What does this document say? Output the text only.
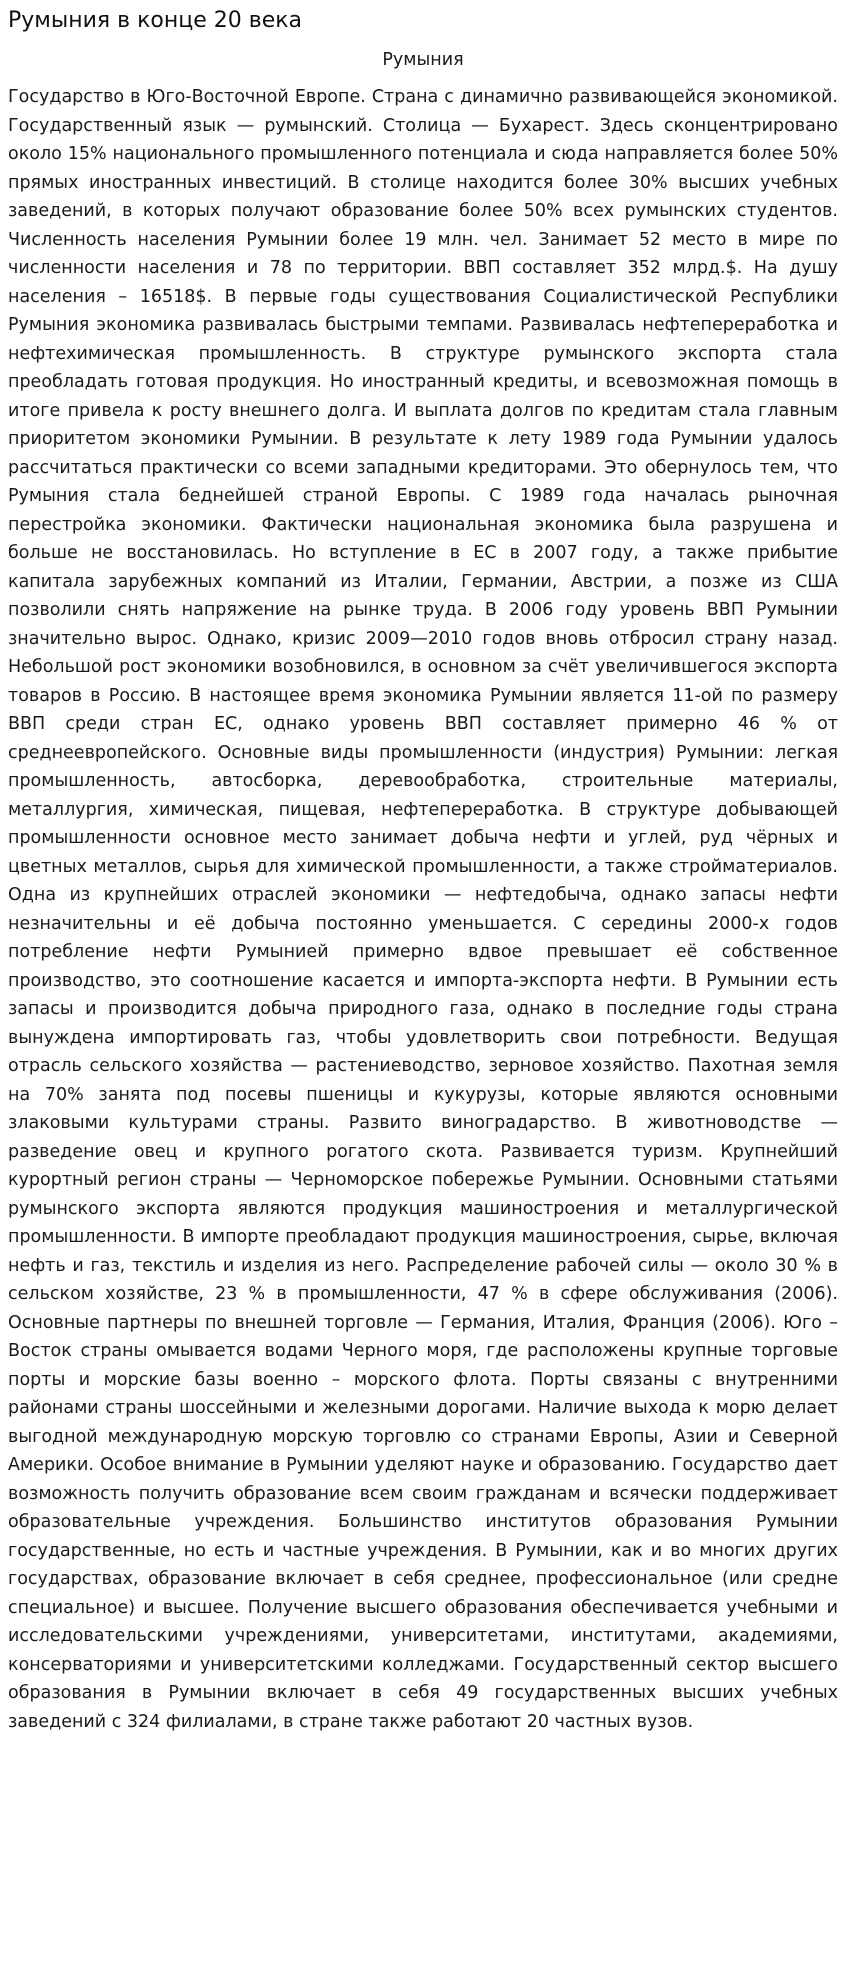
Румыния в конце 20 века
Румыния

Государство в Юго-Восточной Европе. Страна с динамично развивающейся экономикой. Государственный язык — румынский. Столица — Бухарест. Здесь сконцентрировано около 15% национального промышленного потенциала и сюда направляется более 50% прямых иностранных инвестиций. В столице находится более 30% высших учебных заведений, в которых получают образование более 50% всех румынских студентов. Численность населения Румынии более 19 млн. чел. Занимает 52 место в мире по численности населения и 78 по территории. ВВП составляет 352 млрд.$. На душу населения – 16518$. В первые годы существования Социалистической Республики Румыния экономика развивалась быстрыми темпами. Развивалась нефтепереработка и нефтехимическая промышленность. В структуре румынского экспорта стала преобладать готовая продукция. Но иностранный кредиты, и всевозможная помощь в итоге привела к росту внешнего долга. И выплата долгов по кредитам стала главным приоритетом экономики Румынии. В результате к лету 1989 года Румынии удалось рассчитаться практически со всеми западными кредиторами. Это обернулось тем, что Румыния стала беднейшей страной Европы. С 1989 года началась рыночная перестройка экономики. Фактически национальная экономика была разрушена и больше не восстановилась. Но вступление в ЕС в 2007 году, а также прибытие капитала зарубежных компаний из Италии, Германии, Австрии, а позже из США позволили снять напряжение на рынке труда. В 2006 году уровень ВВП Румынии значительно вырос. Однако, кризис 2009—2010 годов вновь отбросил страну назад. Небольшой рост экономики возобновился, в основном за счёт увеличившегося экспорта товаров в Россию. В настоящее время экономика Румынии является 11-ой по размеру ВВП среди стран ЕС, однако уровень ВВП составляет примерно 46 % от среднеевропейского. Основные виды промышленности (индустрия) Румынии: легкая промышленность, автосборка, деревообработка, строительные материалы, металлургия, химическая, пищевая, нефтепереработка. В структуре добывающей промышленности основное место занимает добыча нефти и углей, руд чёрных и цветных металлов, сырья для химической промышленности, а также стройматериалов. Одна из крупнейших отраслей экономики — нефтедобыча, однако запасы нефти незначительны и её добыча постоянно уменьшается. С середины 2000-х годов потребление нефти Румынией примерно вдвое превышает её собственное производство, это соотношение касается и импорта-экспорта нефти. В Румынии есть запасы и производится добыча природного газа, однако в последние годы страна вынуждена импортировать газ, чтобы удовлетворить свои потребности. Ведущая отрасль сельского хозяйства — растениеводство, зерновое хозяйство. Пахотная земля на 70% занята под посевы пшеницы и кукурузы, которые являются основными злаковыми культурами страны. Развито виноградарство. В животноводстве — разведение овец и крупного рогатого скота. Развивается туризм. Крупнейший курортный регион страны — Черноморское побережье Румынии. Основными статьями румынского экспорта являются продукция машиностроения и металлургической промышленности. В импорте преобладают продукция машиностроения, сырье, включая нефть и газ, текстиль и изделия из него. Распределение рабочей силы — около 30 % в сельском хозяйстве, 23 % в промышленности, 47 % в сфере обслуживания (2006). Основные партнеры по внешней торговле — Германия, Италия, Франция (2006). Юго – Восток страны омывается водами Черного моря, где расположены крупные торговые порты и морские базы военно – морского флота. Порты связаны с внутренними районами страны шоссейными и железными дорогами. Наличие выхода к морю делает выгодной международную морскую торговлю со странами Европы, Азии и Северной Америки. Особое внимание в Румынии уделяют науке и образованию. Государство дает возможность получить образование всем своим гражданам и всячески поддерживает образовательные учреждения. Большинство институтов образования Румынии государственные, но есть и частные учреждения. В Румынии, как и во многих других государствах, образование включает в себя среднее, профессиональное (или средне специальное) и высшее. Получение высшего образования обеспечивается учебными и исследовательскими учреждениями, университетами, институтами, академиями, консерваториями и университетскими колледжами. Государственный сектор высшего образования в Румынии включает в себя 49 государственных высших учебных заведений с 324 филиалами, в стране также работают 20 частных вузов.
